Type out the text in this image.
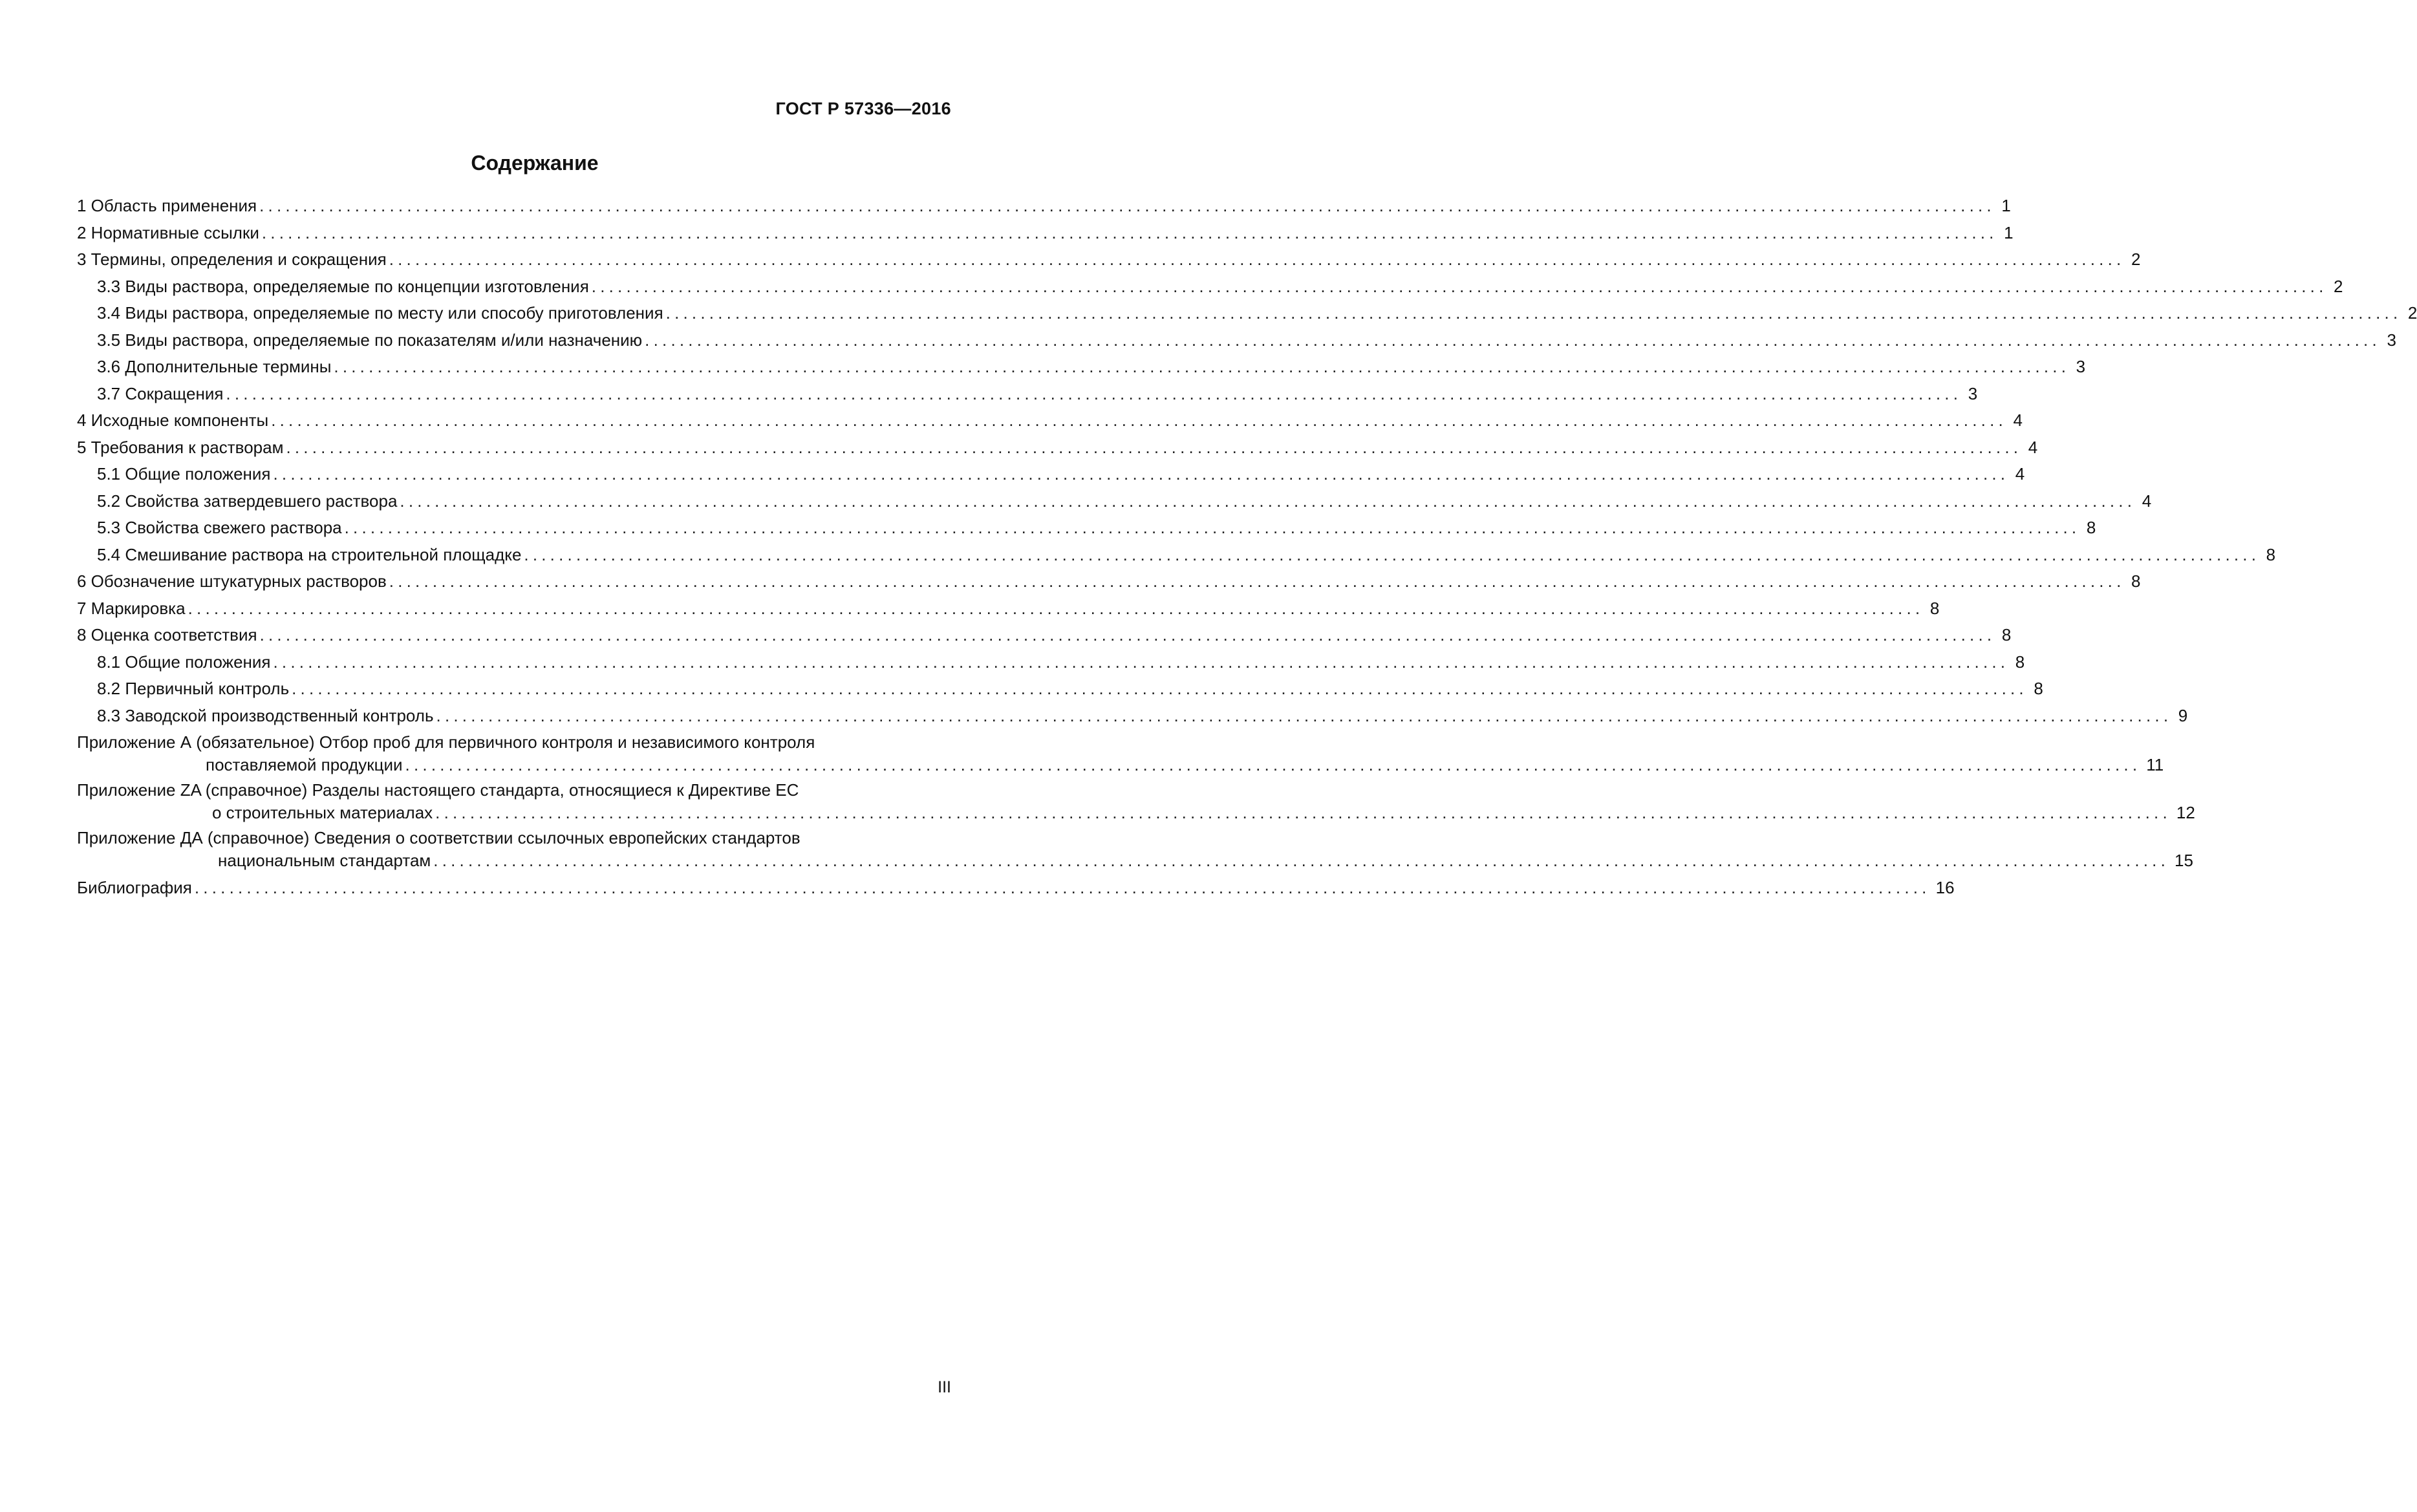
ГОСТ Р 57336—2016
Содержание
1 Область применения ........................................................................................................................................................................................................ 1
2 Нормативные ссылки ........................................................................................................................................................................................................ 1
3 Термины, определения и сокращения ........................................................................................................................................................................................................ 2
3.3 Виды раствора, определяемые по концепции изготовления ........................................................................................................................................................................................................ 2
3.4 Виды раствора, определяемые по месту или способу приготовления ........................................................................................................................................................................................................ 2
3.5 Виды раствора, определяемые по показателям и/или назначению ........................................................................................................................................................................................................ 3
3.6 Дополнительные термины ........................................................................................................................................................................................................ 3
3.7 Сокращения ........................................................................................................................................................................................................ 3
4 Исходные компоненты ........................................................................................................................................................................................................ 4
5 Требования к растворам ........................................................................................................................................................................................................ 4
5.1 Общие положения ........................................................................................................................................................................................................ 4
5.2 Свойства затвердевшего раствора ........................................................................................................................................................................................................ 4
5.3 Свойства свежего раствора ........................................................................................................................................................................................................ 8
5.4 Смешивание раствора на строительной площадке ........................................................................................................................................................................................................ 8
6 Обозначение штукатурных растворов ........................................................................................................................................................................................................ 8
7 Маркировка ........................................................................................................................................................................................................ 8
8 Оценка соответствия ........................................................................................................................................................................................................ 8
8.1 Общие положения ........................................................................................................................................................................................................ 8
8.2 Первичный контроль ........................................................................................................................................................................................................ 8
8.3 Заводской производственный контроль ........................................................................................................................................................................................................ 9
Приложение А (обязательное) Отбор проб для первичного контроля и независимого контроля
поставляемой продукции ........................................................................................................................................................................................................ 11
Приложение ZA (справочное) Разделы настоящего стандарта, относящиеся к Директиве ЕС
о строительных материалах ........................................................................................................................................................................................................ 12
Приложение ДА (справочное) Сведения о соответствии ссылочных европейских стандартов
национальным стандартам ........................................................................................................................................................................................................ 15
Библиография ........................................................................................................................................................................................................ 16
III
